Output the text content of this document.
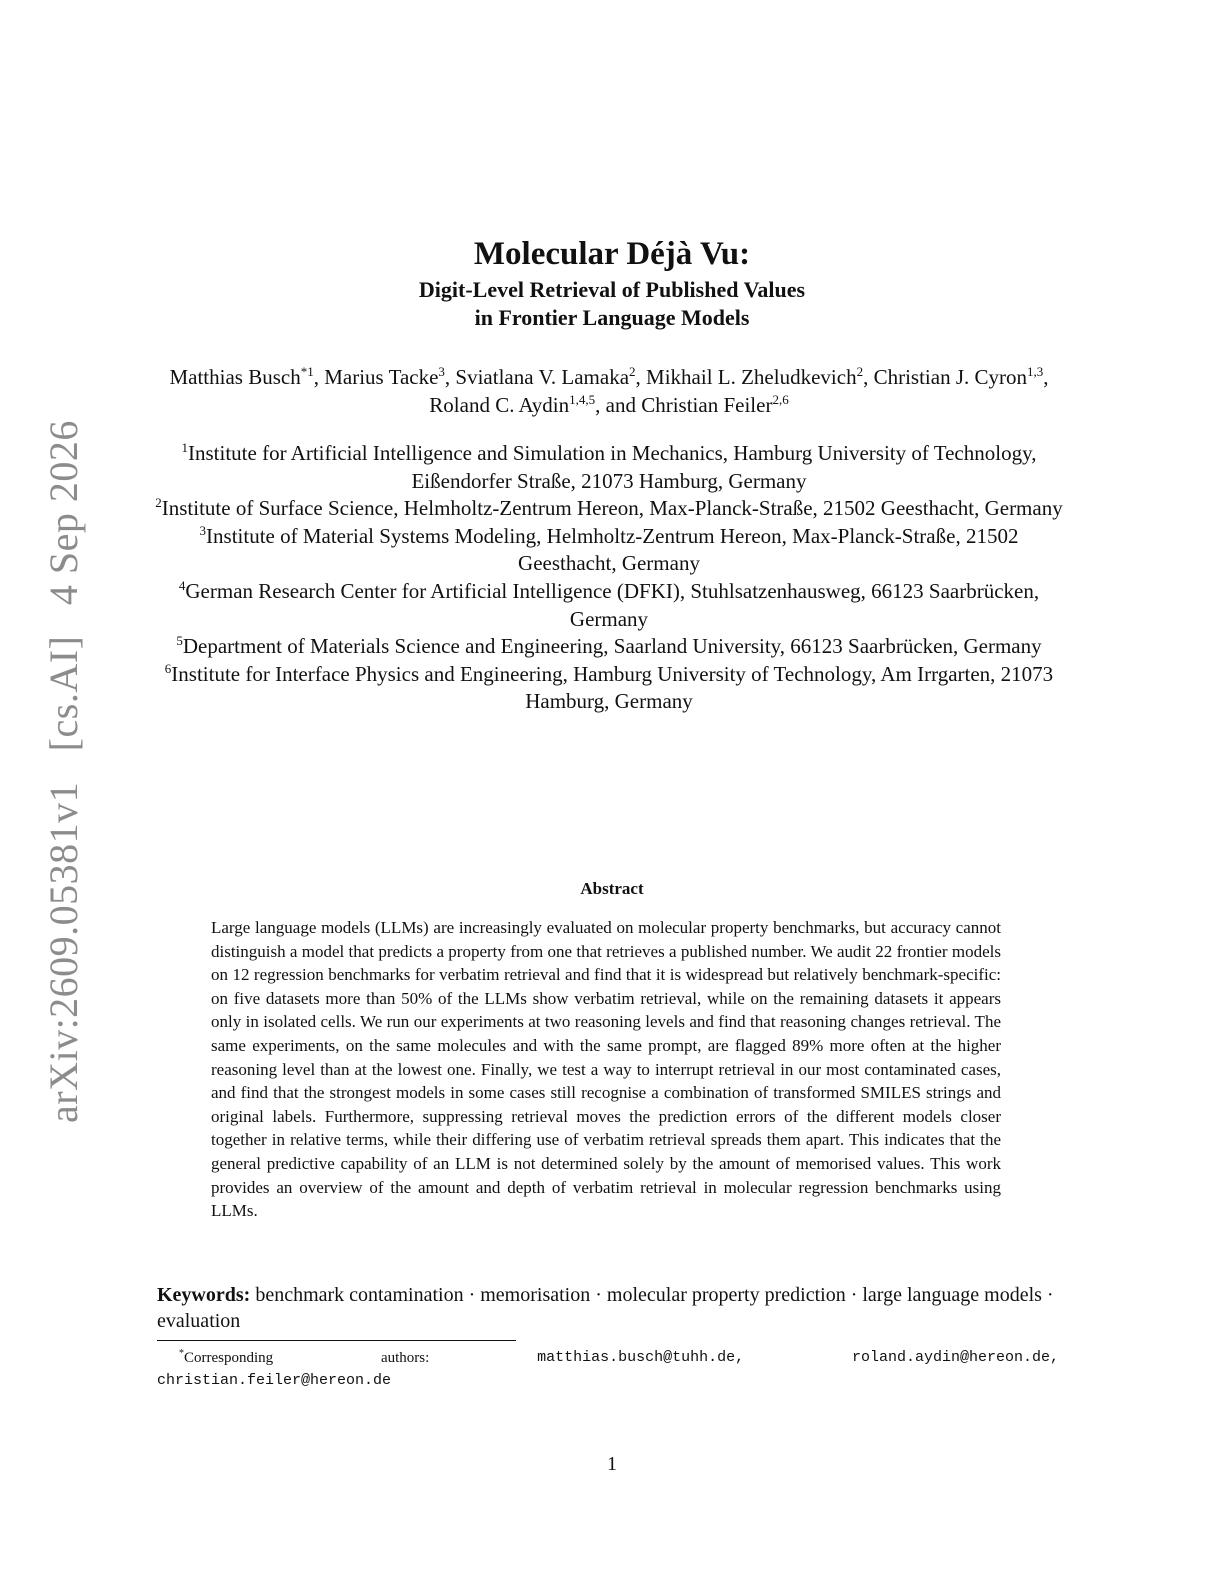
arXiv:2609.05381v1 [cs.AI] 4 Sep 2026
Molecular Déjà Vu:
Digit-Level Retrieval of Published Values
in Frontier Language Models
Matthias Busch$^{*1}$, Marius Tacke$^3$, Sviatlana V. Lamaka$^2$, Mikhail L. Zheludkevich$^2$, Christian J. Cyron$^{1,3}$, Roland C. Aydin$^{1,4,5}$, and Christian Feiler$^{2,6}$
$^1$Institute for Artificial Intelligence and Simulation in Mechanics, Hamburg University of Technology, Eißendorfer Straße, 21073 Hamburg, Germany
$^2$Institute of Surface Science, Helmholtz-Zentrum Hereon, Max-Planck-Straße, 21502 Geesthacht, Germany
$^3$Institute of Material Systems Modeling, Helmholtz-Zentrum Hereon, Max-Planck-Straße, 21502 Geesthacht, Germany
$^4$German Research Center for Artificial Intelligence (DFKI), Stuhlsatzenhausweg, 66123 Saarbrücken, Germany
$^5$Department of Materials Science and Engineering, Saarland University, 66123 Saarbrücken, Germany
$^6$Institute for Interface Physics and Engineering, Hamburg University of Technology, Am Irrgarten, 21073 Hamburg, Germany
Abstract
Large language models (LLMs) are increasingly evaluated on molecular property benchmarks, but accuracy cannot distinguish a model that predicts a property from one that retrieves a published number. We audit 22 frontier models on 12 regression benchmarks for verbatim retrieval and find that it is widespread but relatively benchmark-specific: on five datasets more than 50% of the LLMs show verbatim retrieval, while on the remaining datasets it appears only in isolated cells. We run our experiments at two reasoning levels and find that reasoning changes retrieval. The same experiments, on the same molecules and with the same prompt, are flagged 89% more often at the higher reasoning level than at the lowest one. Finally, we test a way to interrupt retrieval in our most contaminated cases, and find that the strongest models in some cases still recognise a combination of transformed SMILES strings and original labels. Furthermore, suppressing retrieval moves the prediction errors of the different models closer together in relative terms, while their differing use of verbatim retrieval spreads them apart. This indicates that the general predictive capability of an LLM is not determined solely by the amount of memorised values. This work provides an overview of the amount and depth of verbatim retrieval in molecular regression benchmarks using LLMs.
Keywords: benchmark contamination · memorisation · molecular property prediction · large language models · evaluation
*Corresponding	authors:	matthias.busch@tuhh.de,	roland.aydin@hereon.de,
christian.feiler@hereon.de
1
